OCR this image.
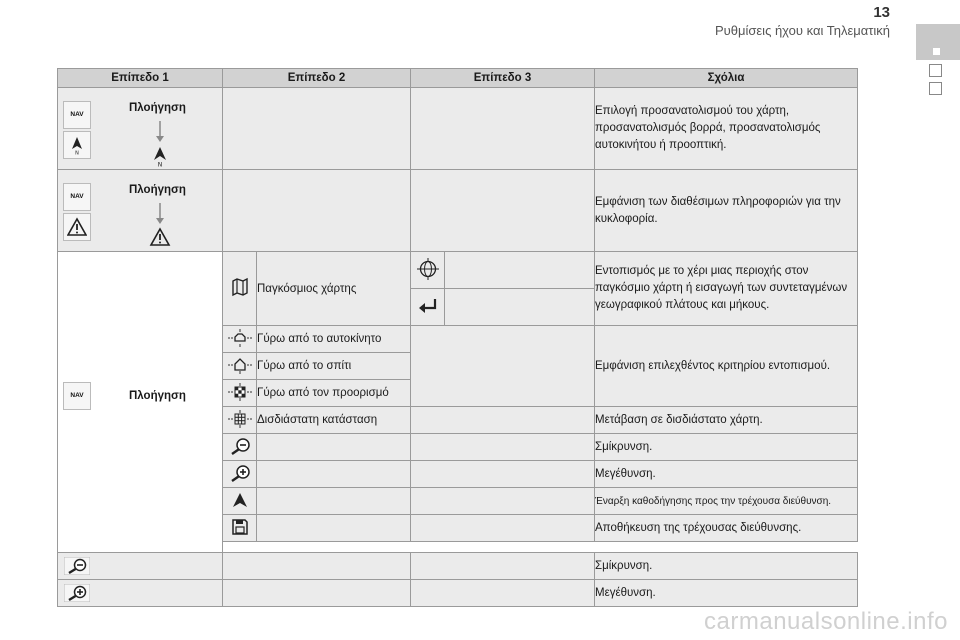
13
Ρυθμίσεις ήχου και Τηλεματική
carmanualsonline.info
Επίπεδο 1	Επίπεδο 2		Επίπεδο 3		Σχόλια

NAV
N
Πλοήγηση
N					Επιλογή προσανατολισμού του χάρτη, προσανατολισμός βορρά, προσανατολισμός αυτοκινήτου ή προοπτική.

NAV
Πλοήγηση					Εμφάνιση των διαθέσιμων πληροφοριών για την κυκλοφορία.

NAV Πλοήγηση		Παγκόσμιος χάρτης			Εντοπισμός με το χέρι μιας περιοχής στον παγκόσμιο χάρτη ή εισαγωγή των συντεταγμένων γεωγραφικού πλάτους και μήκους.

	Γύρω από το αυτοκίνητο			Εμφάνιση επιλεχθέντος κριτηρίου εντοπισμού.
	Γύρω από το σπίτι			
	Γύρω από τον προορισμό			
	Δισδιάστατη κατάσταση			Μετάβαση σε δισδιάστατο χάρτη.
			Σμίκρυνση.
			Μεγέθυνση.
			Έναρξη καθοδήγησης προς την τρέχουσα διεύθυνση.
			Αποθήκευση της τρέχουσας διεύθυνσης.

			Σμίκρυνση.

			Μεγέθυνση.
